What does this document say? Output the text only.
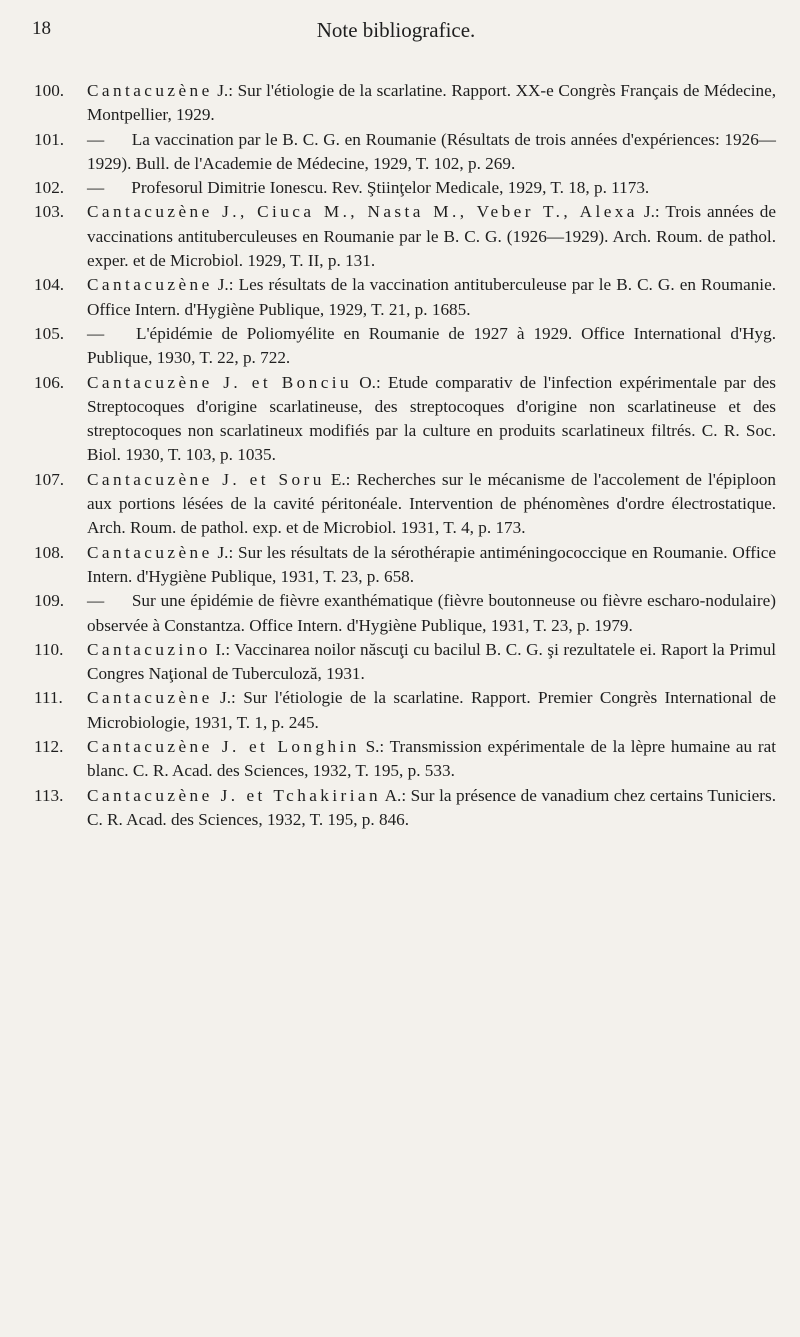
18	Note bibliografice.
100. Cantacuzène J.: Sur l'étiologie de la scarlatine. Rapport. XX-e Congrès Français de Médecine, Montpellier, 1929.
101. — La vaccination par le B. C. G. en Roumanie (Résultats de trois années d'expériences: 1926—1929). Bull. de l'Academie de Médecine, 1929, T. 102, p. 269.
102. — Profesorul Dimitrie Ionescu. Rev. Ştiinţelor Medicale, 1929, T. 18, p. 1173.
103. Cantacuzène J., Ciuca M., Nasta M., Veber T., Alexa J.: Trois années de vaccinations antituberculeuses en Roumanie par le B. C. G. (1926—1929). Arch. Roum. de pathol. exper. et de Microbiol. 1929, T. II, p. 131.
104. Cantacuzène J.: Les résultats de la vaccination antituberculeuse par le B. C. G. en Roumanie. Office Intern. d'Hygiène Publique, 1929, T. 21, p. 1685.
105. — L'épidémie de Poliomyélite en Roumanie de 1927 à 1929. Office International d'Hyg. Publique, 1930, T. 22, p. 722.
106. Cantacuzène J. et Bonciu O.: Etude comparativ de l'infection expérimentale par des Streptocoques d'origine scarlatineuse, des streptocoques d'origine non scarlatineuse et des streptocoques non scarlatineux modifiés par la culture en produits scarlatineux filtrés. C. R. Soc. Biol. 1930, T. 103, p. 1035.
107. Cantacuzène J. et Soru E.: Recherches sur le mécanisme de l'accolement de l'épiploon aux portions lésées de la cavité péritonéale. Intervention de phénomènes d'ordre électrostatique. Arch. Roum. de pathol. exp. et de Microbiol. 1931, T. 4, p. 173.
108. Cantacuzène J.: Sur les résultats de la sérothérapie antiméningococcique en Roumanie. Office Intern. d'Hygiène Publique, 1931, T. 23, p. 658.
109. — Sur une épidémie de fièvre exanthématique (fièvre boutonneuse ou fièvre escharo-nodulaire) observée à Constantza. Office Intern. d'Hygiène Publique, 1931, T. 23, p. 1979.
110. Cantacuzino I.: Vaccinarea noilor născuţi cu bacilul B. C. G. şi rezultatele ei. Raport la Primul Congres Naţional de Tuberculoză, 1931.
111. Cantacuzène J.: Sur l'étiologie de la scarlatine. Rapport. Premier Congrès International de Microbiologie, 1931, T. 1, p. 245.
112. Cantacuzène J. et Longhin S.: Transmission expérimentale de la lèpre humaine au rat blanc. C. R. Acad. des Sciences, 1932, T. 195, p. 533.
113. Cantacuzène J. et Tchakirian A.: Sur la présence de vanadium chez certains Tuniciers. C. R. Acad. des Sciences, 1932, T. 195, p. 846.
